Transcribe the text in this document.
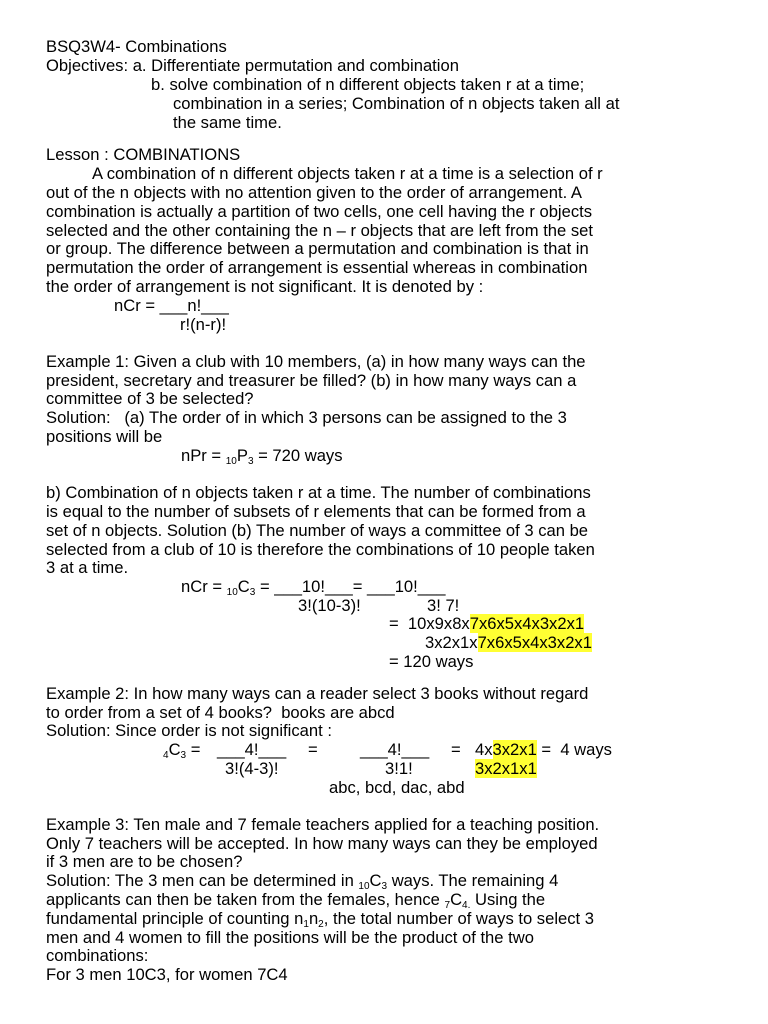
BSQ3W4- Combinations
Objectives: a. Differentiate permutation and combination
b. solve combination of n different objects taken r at a time;
combination in a series; Combination of n objects taken all at
the same time.
Lesson : COMBINATIONS
A combination of n different objects taken r at a time is a selection of r
out of the n objects with no attention given to the order of arrangement. A
combination is actually a partition of two cells, one cell having the r objects
selected and the other containing the n – r objects that are left from the set
or group. The difference between a permutation and combination is that in
permutation the order of arrangement is essential whereas in combination
the order of arrangement is not significant. It is denoted by :
nCr = ___n!___
r!(n-r)!
Example 1: Given a club with 10 members, (a) in how many ways can the
president, secretary and treasurer be filled? (b) in how many ways can a
committee of 3 be selected?
Solution:   (a) The order of in which 3 persons can be assigned to the 3
positions will be
nPr = 10P3 = 720 ways
b) Combination of n objects taken r at a time. The number of combinations
is equal to the number of subsets of r elements that can be formed from a
set of n objects. Solution (b) The number of ways a committee of 3 can be
selected from a club of 10 is therefore the combinations of 10 people taken
3 at a time.
nCr = 10C3 = ___10!___= ___10!___
3!(10-3)!	3! 7!
=  10x9x8x7x6x5x4x3x2x1
3x2x1x7x6x5x4x3x2x1
= 120 ways
Example 2: In how many ways can a reader select 3 books without regard
to order from a set of 4 books?  books are abcd
Solution: Since order is not significant :
4C3 = ___4!___ =	___4!___ = 4x3x2x1 =  4 ways
3!(4-3)!	3!1!	3x2x1x1
abc, bcd, dac, abd
Example 3: Ten male and 7 female teachers applied for a teaching position.
Only 7 teachers will be accepted. In how many ways can they be employed
if 3 men are to be chosen?
Solution: The 3 men can be determined in 10C3 ways. The remaining 4
applicants can then be taken from the females, hence 7C4. Using the
fundamental principle of counting n1n2, the total number of ways to select 3
men and 4 women to fill the positions will be the product of the two
combinations:
For 3 men 10C3, for women 7C4
